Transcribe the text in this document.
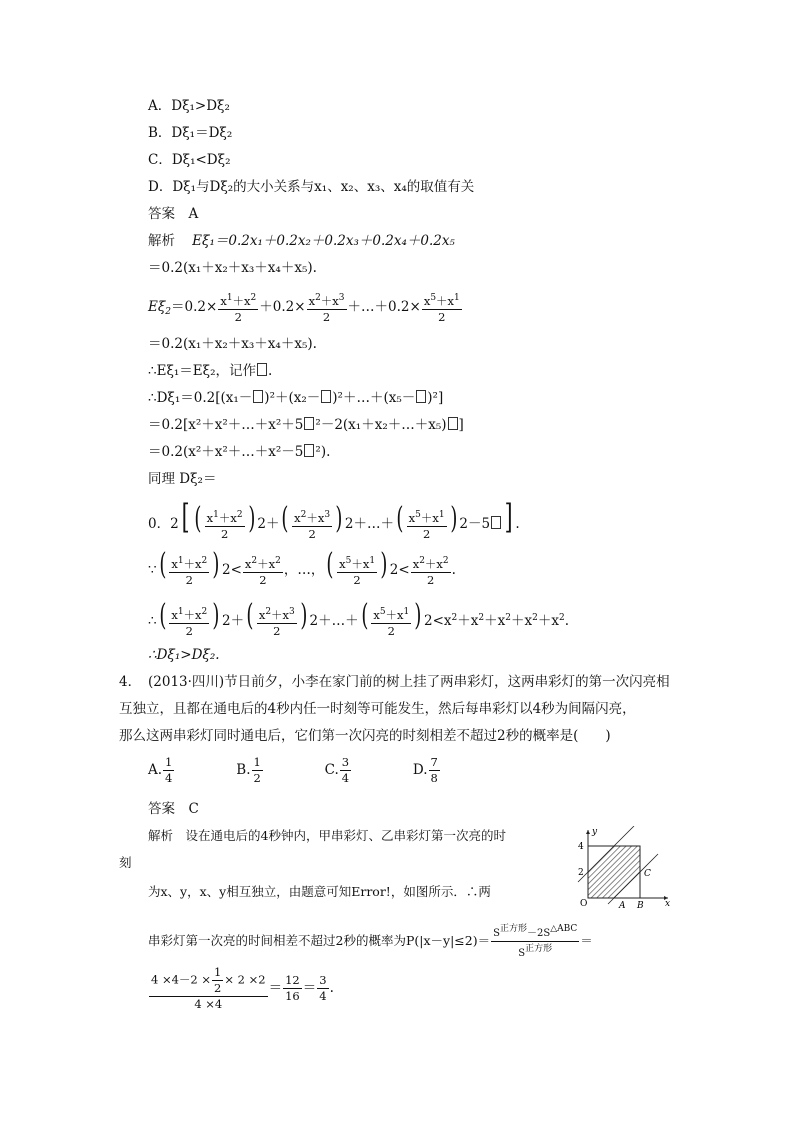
A．Dξ₁>Dξ₂
B．Dξ₁＝Dξ₂
C．Dξ₁<Dξ₂
D．Dξ₁与Dξ₂的大小关系与x₁、x₂、x₃、x₄的取值有关
答案　A
解析 Eξ₁＝0.2x₁＋0.2x₂＋0.2x₃＋0.2x₄＋0.2x₅
＝0.2(x₁＋x₂＋x₃＋x₄＋x₅).
$E\xi_2=0.2\times \frac{x^1+x^2}{2} +0.2\times \frac{x^2+x^3}{2}$ ＋…＋0.2× $\frac{x^5+x^1}{2}$
＝0.2(x₁＋x₂＋x₃＋x₄＋x₅).
∴Eξ₁＝Eξ₂，记作 .
∴Dξ₁＝0.2[(x₁－ )²＋(x₂－ )²＋…＋(x₅－ )²]
＝0.2[x²＋x²＋…＋x²＋5 ²－2(x₁＋x₂＋…＋x₅) ]
＝0.2(x²＋x²＋…＋x²－5 ²).
同理 Dξ₂＝
0．2[ ( $\frac{x^1+x^2}{2}$ ) $2+( \frac{x^2+x^3}{2}$ ) 2＋…＋( $\frac{x^5+x^1}{2}$ ) 2－5 ] .
∵( $\frac{x^1+x^2}{2}$ ) $2< \frac{x^2+x^2}{2}$ ，…，( $\frac{x^5+x^1}{2}$ ) $2< \frac{x^2+x^2}{2}$ .
∴( $\frac{x^1+x^2}{2}$ ) $2+( \frac{x^2+x^3}{2}$ ) 2＋…＋( $\frac{x^5+x^1}{2}$ ) $2<x^2+x^2+x^2+x^2+x^2$.
∴Dξ₁>Dξ₂.
4． (2013·四川)节日前夕，小李在家门前的树上挂了两串彩灯，这两串彩灯的第一次闪亮相
互独立，且都在通电后的4秒内任一时刻等可能发生，然后每串彩灯以4秒为间隔闪亮，
那么这两串彩灯同时通电后，它们第一次闪亮的时刻相差不超过2秒的概率是(　　)
A. $\frac{1}{4}$	B. $\frac{1}{2}$	C. $\frac{3}{4}$	D. $\frac{7}{8}$
答案　C
解析　设在通电后的4秒钟内，甲串彩灯、乙串彩灯第一次亮的时
刻
为x、y，x、y相互独立，由题意可知Error!，如图所示．∴两
串彩灯第一次亮的时间相差不超过2秒的概率为$P(|x-y|\le 2)= \frac{S^{正方形}-2S^{\triangle ABC}}{S^{正方形}}$ ＝
$\frac{4 \times 4-2 \times \frac{1}{2} \times 2 \times 2}{4 \times 4} = \frac{12}{16} = \frac{3}{4}$ .
y
x
O
4
2
A B
C
